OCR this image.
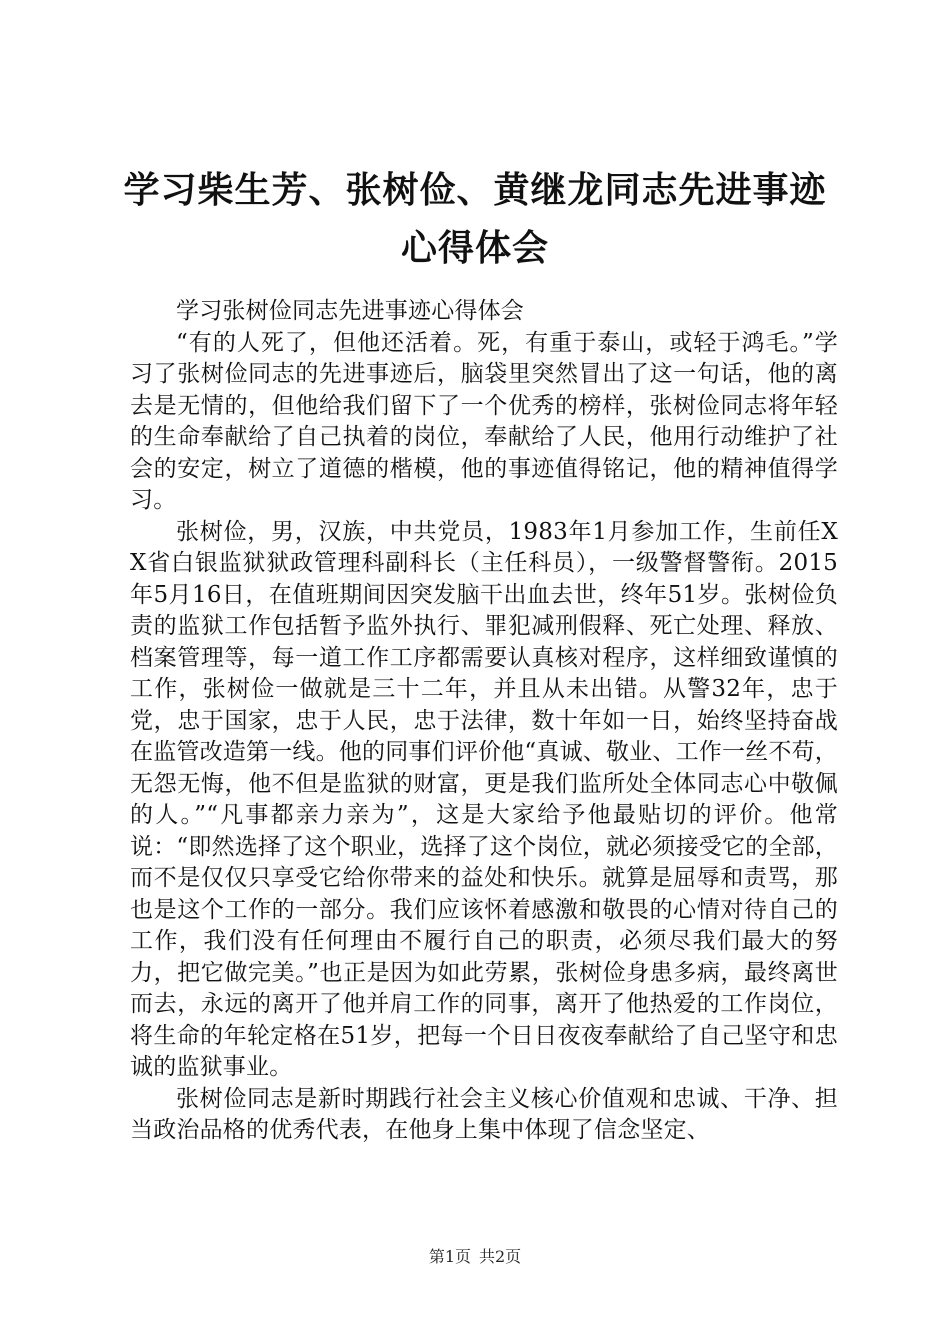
学习柴生芳、张树俭、黄继龙同志先进事迹心得体会

学习张树俭同志先进事迹心得体会

“有的人死了，但他还活着。死，有重于泰山，或轻于鸿毛。”学习了张树俭同志的先进事迹后，脑袋里突然冒出了这一句话，他的离去是无情的，但他给我们留下了一个优秀的榜样，张树俭同志将年轻的生命奉献给了自己执着的岗位，奉献给了人民，他用行动维护了社会的安定，树立了道德的楷模，他的事迹值得铭记，他的精神值得学习。

张树俭，男，汉族，中共党员，1983年1月参加工作，生前任XX省白银监狱狱政管理科副科长（主任科员），一级警督警衔。2015年5月16日，在值班期间因突发脑干出血去世，终年51岁。张树俭负责的监狱工作包括暂予监外执行、罪犯减刑假释、死亡处理、释放、档案管理等，每一道工作工序都需要认真核对程序，这样细致谨慎的工作，张树俭一做就是三十二年，并且从未出错。从警32年，忠于党，忠于国家，忠于人民，忠于法律，数十年如一日，始终坚持奋战在监管改造第一线。他的同事们评价他“真诚、敬业、工作一丝不苟，无怨无悔，他不但是监狱的财富，更是我们监所处全体同志心中敬佩的人。”“凡事都亲力亲为”，这是大家给予他最贴切的评价。他常说：“即然选择了这个职业，选择了这个岗位，就必须接受它的全部，而不是仅仅只享受它给你带来的益处和快乐。就算是屈辱和责骂，那也是这个工作的一部分。我们应该怀着感激和敬畏的心情对待自己的工作，我们没有任何理由不履行自己的职责，必须尽我们最大的努力，把它做完美。”也正是因为如此劳累，张树俭身患多病，最终离世而去，永远的离开了他并肩工作的同事，离开了他热爱的工作岗位，将生命的年轮定格在51岁，把每一个日日夜夜奉献给了自己坚守和忠诚的监狱事业。

张树俭同志是新时期践行社会主义核心价值观和忠诚、干净、担当政治品格的优秀代表，在他身上集中体现了信念坚定、

第1页 共2页
